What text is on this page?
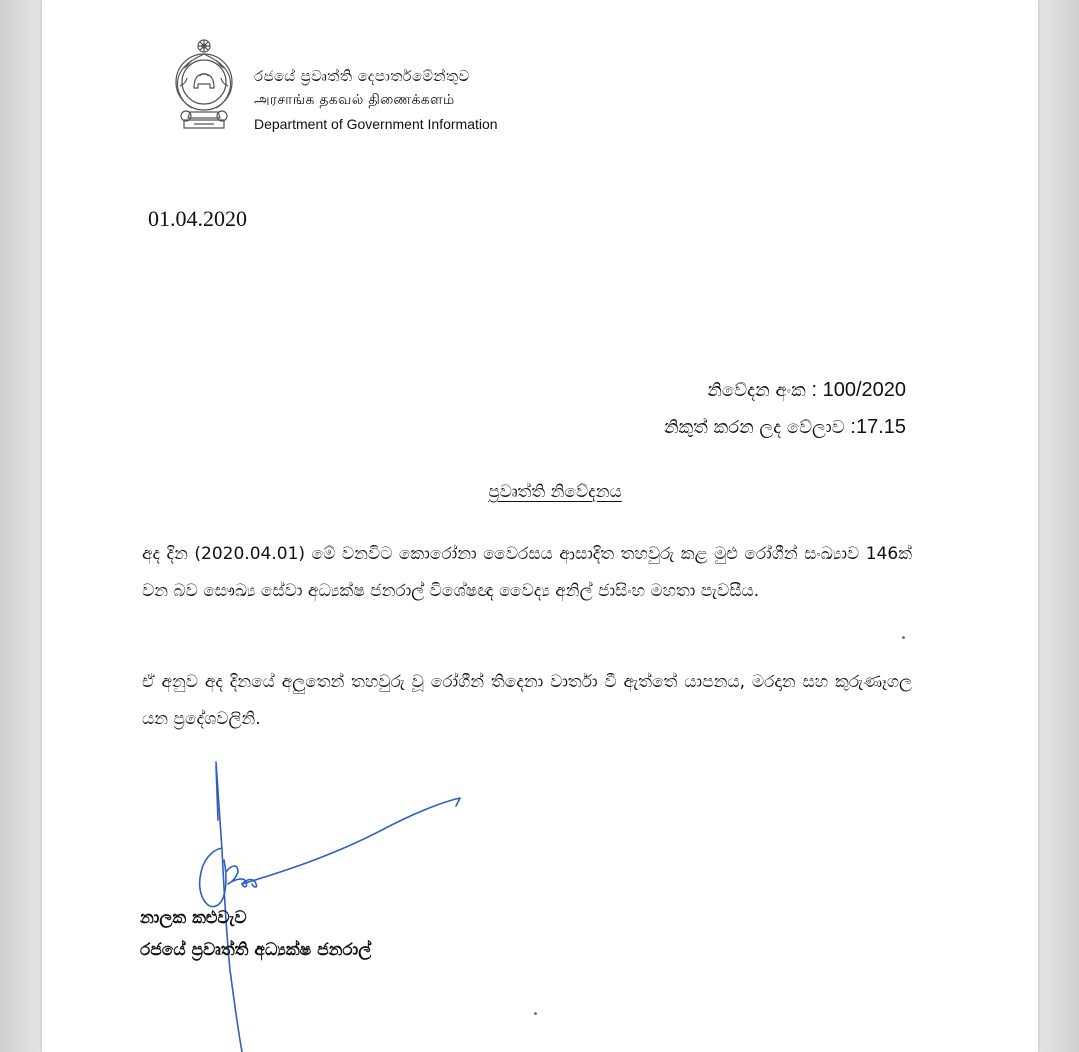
රජයේ ප්‍රවෘත්ති දෙපාර්තමේන්තුව
அரசாங்க தகவல் திணைக்களம்
Department of Government Information
01.04.2020
නිවේදන අංක : 100/2020
නිකුත් කරන ලද වේලාව :17.15
ප්‍රවෘත්ති නිවේදනය
අද දින (2020.04.01) මේ වනවිට කොරෝනා වෛරසය ආසාදිත තහවුරු කළ මුළු රෝගීන් සංඛ්‍යාව 146ක් වන බව සෞඛ්‍ය සේවා අධ්‍යක්ෂ ජනරාල් විශේෂඥ වෛද්‍ය අනිල් ජාසිංහ මහතා පැවසීය.
ඒ අනුව අද දිනයේ අලුතෙන් තහවුරු වූ රෝගීන් තිදෙනා වාර්තා වී ඇත්තේ යාපනය, මරදාන සහ කුරුණෑගල යන ප්‍රදේශවලිනි.
නාලක කළුවැව
රජයේ ප්‍රවෘත්ති අධ්‍යක්ෂ ජනරාල්
